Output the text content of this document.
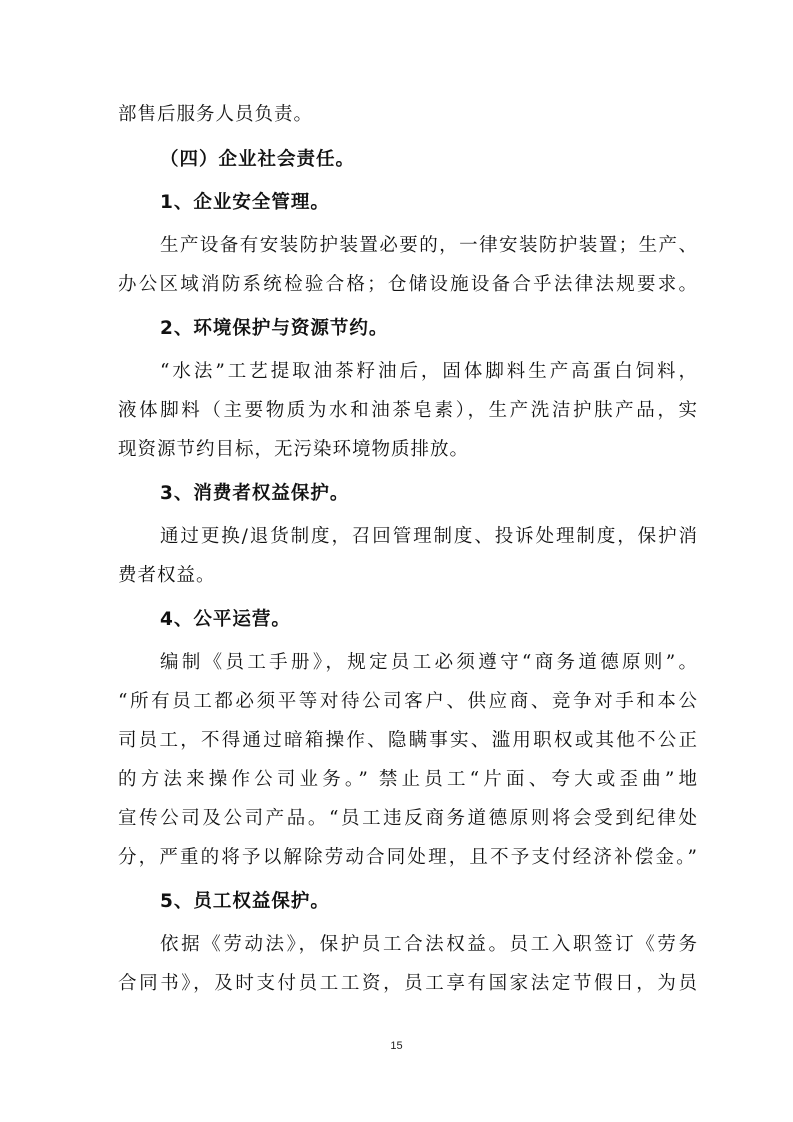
部售后服务人员负责。
（四）企业社会责任。
1、企业安全管理。
生产设备有安装防护装置必要的，一律安装防护装置；生产、
办公区域消防系统检验合格；仓储设施设备合乎法律法规要求。
2、环境保护与资源节约。
“水法”工艺提取油茶籽油后，固体脚料生产高蛋白饲料，
液体脚料（主要物质为水和油茶皂素），生产洗洁护肤产品，实
现资源节约目标，无污染环境物质排放。
3、消费者权益保护。
通过更换/退货制度，召回管理制度、投诉处理制度，保护消
费者权益。
4、公平运营。
编制《员工手册》，规定员工必须遵守“商务道德原则”。
“所有员工都必须平等对待公司客户、供应商、竞争对手和本公
司员工，不得通过暗箱操作、隐瞒事实、滥用职权或其他不公正
的方法来操作公司业务。” 禁止员工“片面、夸大或歪曲”地
宣传公司及公司产品。“员工违反商务道德原则将会受到纪律处
分，严重的将予以解除劳动合同处理，且不予支付经济补偿金。”
5、员工权益保护。
依据《劳动法》，保护员工合法权益。员工入职签订《劳务
合同书》，及时支付员工工资，员工享有国家法定节假日，为员
15
